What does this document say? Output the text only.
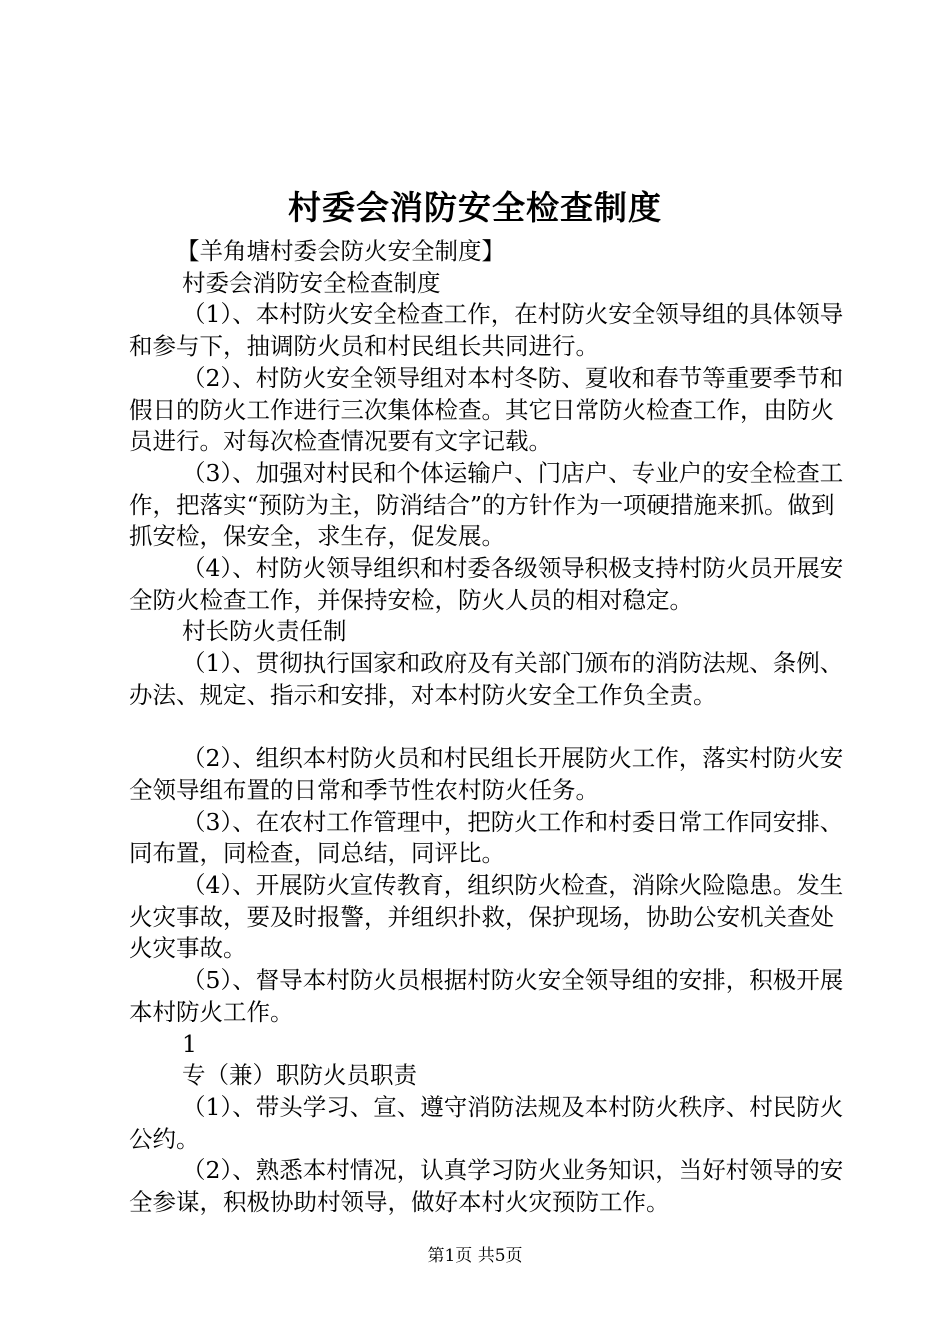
村委会消防安全检查制度

【羊角塘村委会防火安全制度】

村委会消防安全检查制度

（1）、本村防火安全检查工作，在村防火安全领导组的具体领导和参与下，抽调防火员和村民组长共同进行。

（2）、村防火安全领导组对本村冬防、夏收和春节等重要季节和假日的防火工作进行三次集体检查。其它日常防火检查工作，由防火员进行。对每次检查情况要有文字记载。

（3）、加强对村民和个体运输户、门店户、专业户的安全检查工作，把落实“预防为主，防消结合”的方针作为一项硬措施来抓。做到抓安检，保安全，求生存，促发展。

（4）、村防火领导组织和村委各级领导积极支持村防火员开展安全防火检查工作，并保持安检，防火人员的相对稳定。

村长防火责任制

（1）、贯彻执行国家和政府及有关部门颁布的消防法规、条例、办法、规定、指示和安排，对本村防火安全工作负全责。

（2）、组织本村防火员和村民组长开展防火工作，落实村防火安全领导组布置的日常和季节性农村防火任务。

（3）、在农村工作管理中，把防火工作和村委日常工作同安排、同布置，同检查，同总结，同评比。

（4）、开展防火宣传教育，组织防火检查，消除火险隐患。发生火灾事故，要及时报警，并组织扑救，保护现场，协助公安机关查处火灾事故。

（5）、督导本村防火员根据村防火安全领导组的安排，积极开展本村防火工作。

1

专（兼）职防火员职责

（1）、带头学习、宣、遵守消防法规及本村防火秩序、村民防火公约。

（2）、熟悉本村情况，认真学习防火业务知识，当好村领导的安全参谋，积极协助村领导，做好本村火灾预防工作。

第1页 共5页
